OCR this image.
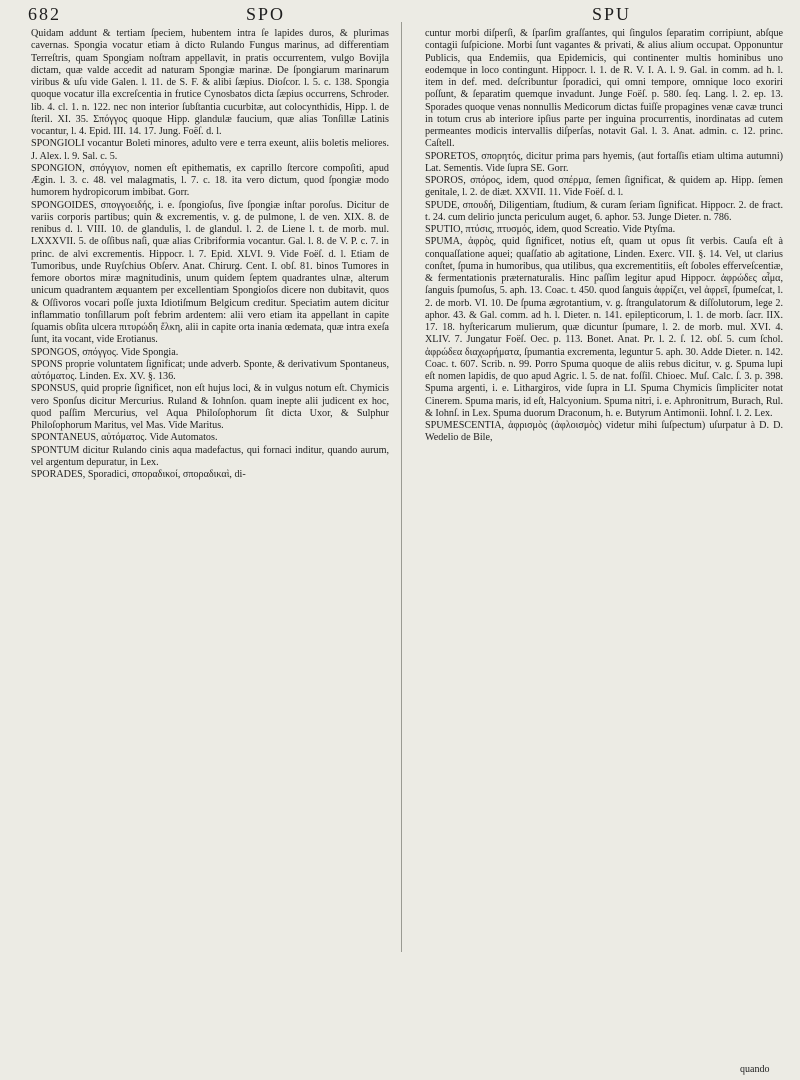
682	SPO	SPU

Quidam addunt & tertiam ſpeciem, hubentem intra ſe lapides duros, & plurimas cavernas. Spongia vocatur etiam à dicto Rulando Fungus marinus, ad differentiam Terreſtris, quam Spongiam noſtram appellavit, in pratis occurrentem, vulgo Bovijla dictam, quæ valde accedit ad naturam Spongiæ marinæ. De ſpongiarum marinarum viribus & uſu vide Galen. l. 11. de S. F. & alibi ſæpius. Dioſcor. l. 5. c. 138. Spongia quoque vocatur illa excreſcentia in frutice Cynosbatos dicta ſæpius occurrens, Schroder. lib. 4. cl. 1. n. 122. nec non interior ſubſtantia cucurbitæ, aut colocynthidis, Hipp. l. de ſteril. XI. 35. Σπόγγος quoque Hipp. glandulæ faucium, quæ alias Tonſillæ Latinis vocantur, l. 4. Epid. III. 14. 17. Jung. Foëſ. d. l.

SPONGIOLI vocantur Boleti minores, adulto vere e terra exeunt, aliis boletis meliores. J. Alex. l. 9. Sal. c. 5.

SPONGION, σπόγγιον, nomen eſt epithematis, ex caprillo ſtercore compoſiti, apud Ægin. l. 3. c. 48. vel malagmatis, l. 7. c. 18. ita vero dictum, quod ſpongiæ modo humorem hydropicorum imbibat. Gorr.

SPONGOIDES, σπογγοειδής, i. e. ſpongioſus, ſive ſpongiæ inſtar poroſus. Dicitur de variis corporis partibus; quin & excrementis, v. g. de pulmone, l. de ven. XIX. 8. de renibus d. l. VIII. 10. de glandulis, l. de glandul. l. 2. de Liene l. t. de morb. mul. LXXXVII. 5. de oſſibus naſi, quæ alias Cribriformia vocantur. Gal. l. 8. de V. P. c. 7. in princ. de alvi excrementis. Hippocr. l. 7. Epid. XLVI. 9. Vide Foëſ. d. l. Etiam de Tumoribus, unde Ruyſchius Obſerv. Anat. Chirurg. Cent. I. obſ. 81. binos Tumores in femore obortos miræ magnitudinis, unum quidem ſeptem quadrantes ulnæ, alterum unicum quadrantem æquantem per excellentiam Spongioſos dicere non dubitavit, quos & Oſſivoros vocari poſſe juxta Idiotiſmum Belgicum creditur. Speciatim autem dicitur inflammatio tonſillarum poſt febrim ardentem: alii vero etiam ita appellant in capite ſquamis obſita ulcera πιτυρώδη ἕλκη, alii in capite orta inania œdemata, quæ intra exeſa ſunt, ita vocant, vide Erotianus.

SPONGOS, σπόγγος. Vide Spongia.

SPONS proprie voluntatem ſignificat; unde adverb. Sponte, & derivativum Spontaneus, αὐτόματος. Linden. Ex. XV. §. 136.

SPONSUS, quid proprie ſignificet, non eſt hujus loci, & in vulgus notum eſt. Chymicis vero Sponſus dicitur Mercurius. Ruland & Iohnſon. quam inepte alii judicent ex hoc, quod paſſim Mercurius, vel Aqua Philoſophorum ſit dicta Uxor, & Sulphur Philoſophorum Maritus, vel Mas. Vide Maritus.

SPONTANEUS, αὐτόματος. Vide Automatos.

SPONTUM dicitur Rulando cinis aqua madefactus, qui fornaci inditur, quando aurum, vel argentum depuratur, in Lex.

SPORADES, Sporadici, σποραδικοί, σποραδικαὶ, di-

cuntur morbi diſperſi, & ſparſim graſſantes, qui ſingulos ſeparatim corripiunt, abſque contagii ſuſpicione. Morbi ſunt vagantes & privati, & alius alium occupat. Opponuntur Publicis, qua Endemiis, qua Epidemicis, qui continenter multis hominibus uno eodemque in loco contingunt. Hippocr. l. 1. de R. V. I. A. l. 9. Gal. in comm. ad h. l. item in def. med. deſcribuntur ſporadici, qui omni tempore, omnique loco exoriri poſſunt, & ſeparatim quemque invadunt. Junge Foëſ. p. 580. ſeq. Lang. l. 2. ep. 13. Sporades quoque venas nonnullis Medicorum dictas fuiſſe propagines venæ cavæ trunci in totum crus ab interiore ipſius parte per inguina procurrentis, inordinatas ad cutem permeantes modicis intervallis diſperſas, notavit Gal. l. 3. Anat. admin. c. 12. princ. Caſtell.

SPORETOS, σπορητός, dicitur prima pars hyemis, (aut fortaſſis etiam ultima autumni) Lat. Sementis. Vide ſupra SE. Gorr.

SPOROS, σπόρος, idem, quod σπέρμα, ſemen ſignificat, & quidem ap. Hipp. ſemen genitale, l. 2. de diæt. XXVII. 11. Vide Foëſ. d. l.

SPUDE, σπουδή, Diligentiam, ſtudium, & curam ſeriam ſignificat. Hippocr. 2. de fract. t. 24. cum delirio juncta periculum auget, 6. aphor. 53. Junge Dieter. n. 786.

SPUTIO, πτύσις, πτυσμός, idem, quod Screatio. Vide Ptyſma.

SPUMA, ἀφρὸς, quid ſignificet, notius eſt, quam ut opus ſit verbis. Cauſa eſt à conquaſſatione aquei; quaſſatio ab agitatione, Linden. Exerc. VII. §. 14. Vel, ut clarius conſtet, ſpuma in humoribus, qua utilibus, qua excrementitiis, eſt ſoboles effervеſcentiæ, & fermentationis præternaturalis. Hinc paſſim legitur apud Hippocr. ἀφρώδες αἷμα, ſanguis ſpumoſus, 5. aph. 13. Coac. t. 450. quod ſanguis ἀφρίζει, vel ἀφρεῖ, ſpumeſcat, l. 2. de morb. VI. 10. De ſpuma ægrotantium, v. g. ſtrangulatorum & diſſolutorum, lege 2. aphor. 43. & Gal. comm. ad h. l. Dieter. n. 141. epilepticorum, l. 1. de morb. ſacr. IIX. 17. 18. hyſtericarum mulierum, quæ dicuntur ſpumare, l. 2. de morb. mul. XVI. 4. XLIV. 7. Jungatur Foëſ. Oec. p. 113. Bonet. Anat. Pr. l. 2. ſ. 12. obſ. 5. cum ſchol. ἀφρώδεα διαχωρήματα, ſpumantia excrementa, leguntur 5. aph. 30. Adde Dieter. n. 142. Coac. t. 607. Scrib. n. 99. Porro Spuma quoque de aliis rebus dicitur, v. g. Spuma lupi eſt nomen lapidis, de quo apud Agric. l. 5. de nat. foſſil. Chioec. Muſ. Calc. ſ. 3. p. 398. Spuma argenti, i. e. Lithargiros, vide ſupra in LI. Spuma Chymicis ſimpliciter notat Cinerem. Spuma maris, id eſt, Halcyonium. Spuma nitri, i. e. Aphronitrum, Burach, Rul. & Iohnſ. in Lex. Spuma duorum Draconum, h. e. Butyrum Antimonii. Iohnſ. l. 2. Lex.

SPUMESCENTIA, ἀφρισμὸς (ἀφλοισμὸς) videtur mihi ſuſpectum) uſurpatur à D. D. Wedelio de Bile,

quando
